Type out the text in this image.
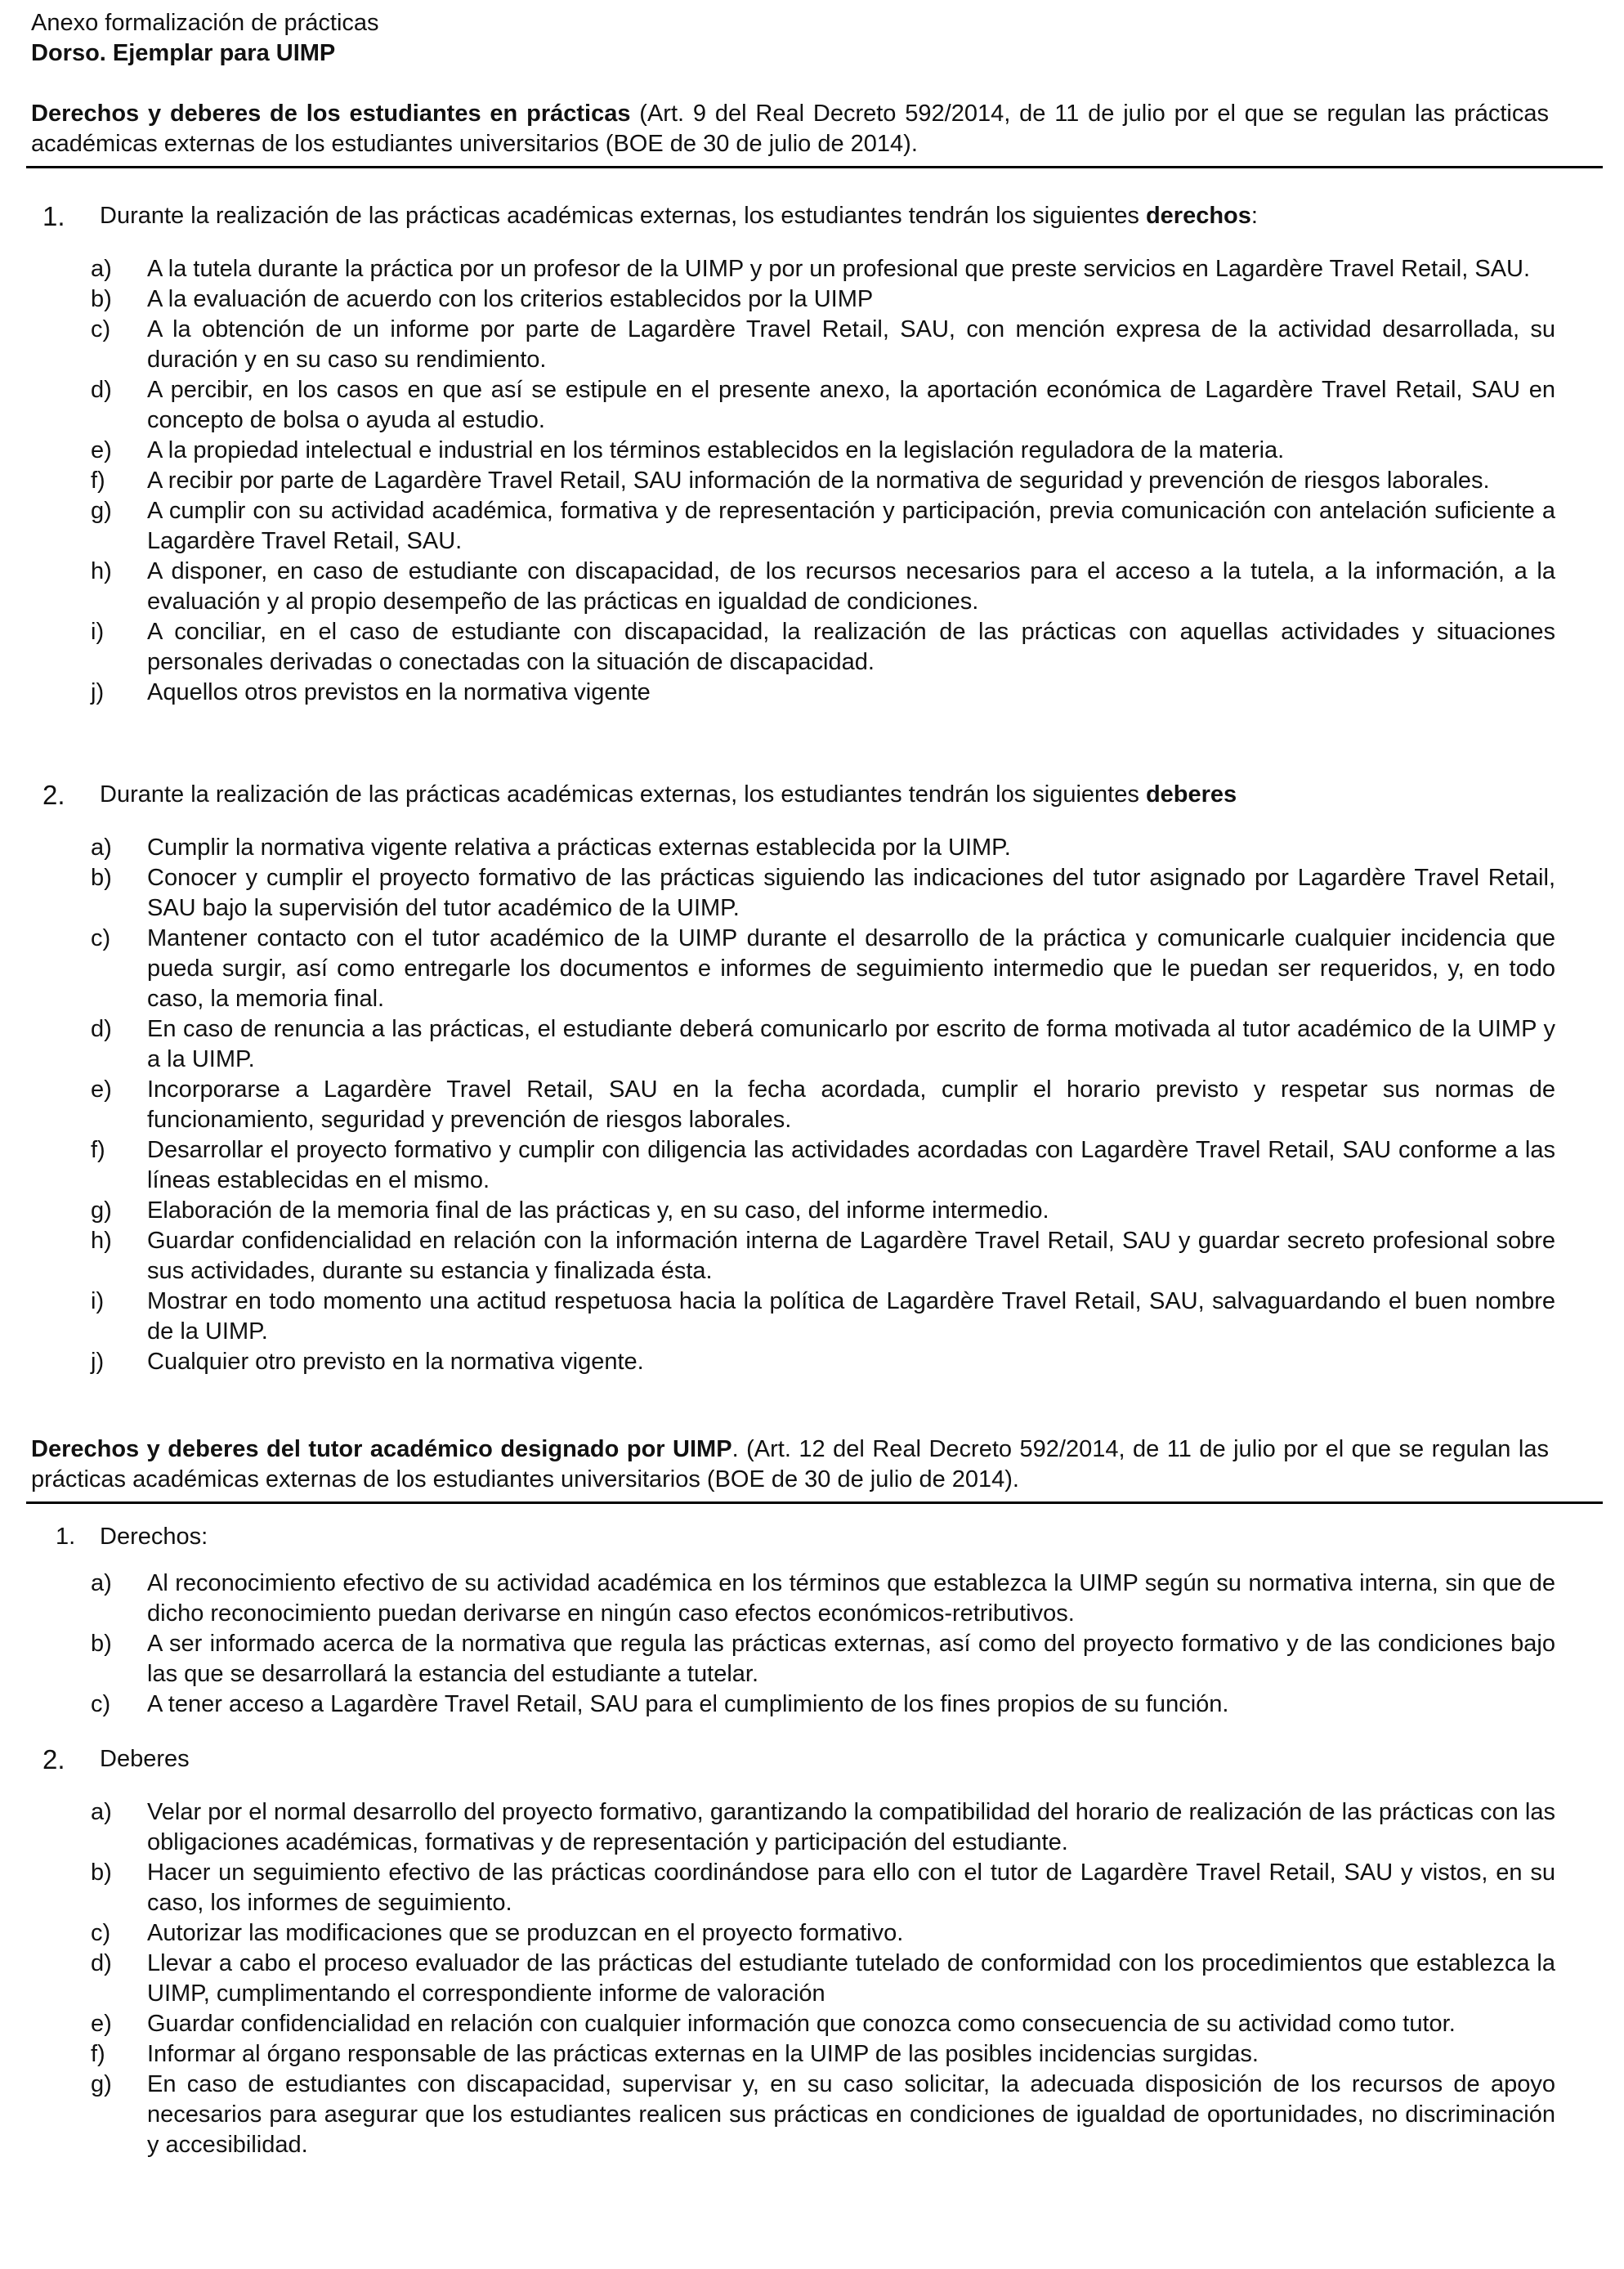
Anexo formalización de prácticas
Dorso. Ejemplar para UIMP
Derechos y deberes de los estudiantes en prácticas (Art. 9 del Real Decreto 592/2014, de 11 de julio por el que se regulan las prácticas académicas externas de los estudiantes universitarios (BOE de 30 de julio de 2014).
1. Durante la realización de las prácticas académicas externas, los estudiantes tendrán los siguientes derechos:
a) A la tutela durante la práctica por un profesor de la UIMP y por un profesional que preste servicios en Lagardère Travel Retail, SAU.
b) A la evaluación de acuerdo con los criterios establecidos por la UIMP
c) A la obtención de un informe por parte de Lagardère Travel Retail, SAU, con mención expresa de la actividad desarrollada, su duración y en su caso su rendimiento.
d) A percibir, en los casos en que así se estipule en el presente anexo, la aportación económica de Lagardère Travel Retail, SAU en concepto de bolsa o ayuda al estudio.
e) A la propiedad intelectual e industrial en los términos establecidos en la legislación reguladora de la materia.
f) A recibir por parte de Lagardère Travel Retail, SAU información de la normativa de seguridad y prevención de riesgos laborales.
g) A cumplir con su actividad académica, formativa y de representación y participación, previa comunicación con antelación suficiente a Lagardère Travel Retail, SAU.
h) A disponer, en caso de estudiante con discapacidad, de los recursos necesarios para el acceso a la tutela, a la información, a la evaluación y al propio desempeño de las prácticas en igualdad de condiciones.
i) A conciliar, en el caso de estudiante con discapacidad, la realización de las prácticas con aquellas actividades y situaciones personales derivadas o conectadas con la situación de discapacidad.
j) Aquellos otros previstos en la normativa vigente
2. Durante la realización de las prácticas académicas externas, los estudiantes tendrán los siguientes deberes
a) Cumplir la normativa vigente relativa a prácticas externas establecida por la UIMP.
b) Conocer y cumplir el proyecto formativo de las prácticas siguiendo las indicaciones del tutor asignado por Lagardère Travel Retail, SAU bajo la supervisión del tutor académico de la UIMP.
c) Mantener contacto con el tutor académico de la UIMP durante el desarrollo de la práctica y comunicarle cualquier incidencia que pueda surgir, así como entregarle los documentos e informes de seguimiento intermedio que le puedan ser requeridos, y, en todo caso, la memoria final.
d) En caso de renuncia a las prácticas, el estudiante deberá comunicarlo por escrito de forma motivada al tutor académico de la UIMP y a la UIMP.
e) Incorporarse a Lagardère Travel Retail, SAU en la fecha acordada, cumplir el horario previsto y respetar sus normas de funcionamiento, seguridad y prevención de riesgos laborales.
f) Desarrollar el proyecto formativo y cumplir con diligencia las actividades acordadas con Lagardère Travel Retail, SAU conforme a las líneas establecidas en el mismo.
g) Elaboración de la memoria final de las prácticas y, en su caso, del informe intermedio.
h) Guardar confidencialidad en relación con la información interna de Lagardère Travel Retail, SAU y guardar secreto profesional sobre sus actividades, durante su estancia y finalizada ésta.
i) Mostrar en todo momento una actitud respetuosa hacia la política de Lagardère Travel Retail, SAU, salvaguardando el buen nombre de la UIMP.
j) Cualquier otro previsto en la normativa vigente.
Derechos y deberes del tutor académico designado por UIMP. (Art. 12 del Real Decreto 592/2014, de 11 de julio por el que se regulan las prácticas académicas externas de los estudiantes universitarios (BOE de 30 de julio de 2014).
1. Derechos:
a) Al reconocimiento efectivo de su actividad académica en los términos que establezca la UIMP según su normativa interna, sin que de dicho reconocimiento puedan derivarse en ningún caso efectos económicos-retributivos.
b) A ser informado acerca de la normativa que regula las prácticas externas, así como del proyecto formativo y de las condiciones bajo las que se desarrollará la estancia del estudiante a tutelar.
c) A tener acceso a Lagardère Travel Retail, SAU para el cumplimiento de los fines propios de su función.
2. Deberes
a) Velar por el normal desarrollo del proyecto formativo, garantizando la compatibilidad del horario de realización de las prácticas con las obligaciones académicas, formativas y de representación y participación del estudiante.
b) Hacer un seguimiento efectivo de las prácticas coordinándose para ello con el tutor de Lagardère Travel Retail, SAU y vistos, en su caso, los informes de seguimiento.
c) Autorizar las modificaciones que se produzcan en el proyecto formativo.
d) Llevar a cabo el proceso evaluador de las prácticas del estudiante tutelado de conformidad con los procedimientos que establezca la UIMP, cumplimentando el correspondiente informe de valoración
e) Guardar confidencialidad en relación con cualquier información que conozca como consecuencia de su actividad como tutor.
f) Informar al órgano responsable de las prácticas externas en la UIMP de las posibles incidencias surgidas.
g) En caso de estudiantes con discapacidad, supervisar y, en su caso solicitar, la adecuada disposición de los recursos de apoyo necesarios para asegurar que los estudiantes realicen sus prácticas en condiciones de igualdad de oportunidades, no discriminación y accesibilidad.
